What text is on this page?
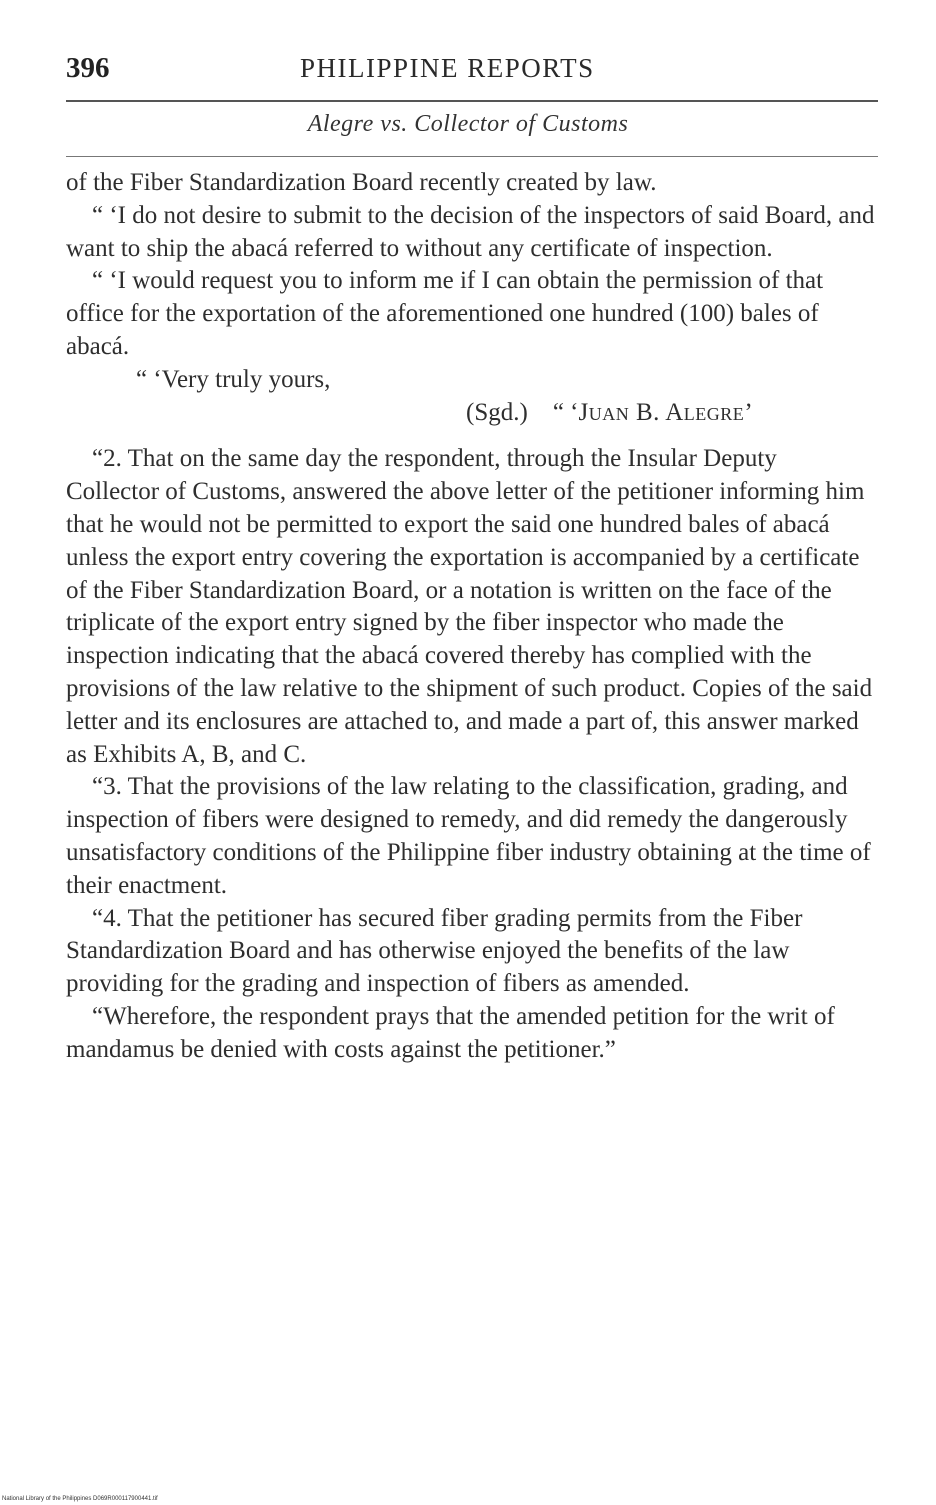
396	PHILIPPINE REPORTS
Alegre vs. Collector of Customs

of the Fiber Standardization Board recently created by law.

“ ‘I do not desire to submit to the decision of the inspectors of said Board, and want to ship the abacá referred to without any certificate of inspection.

“ ‘I would request you to inform me if I can obtain the permission of that office for the exportation of the aforementioned one hundred (100) bales of abacá.

“ ‘Very truly yours,

(Sgd.) “ ‘Juan B. Alegre’

“2. That on the same day the respondent, through the Insular Deputy Collector of Customs, answered the above letter of the petitioner informing him that he would not be permitted to export the said one hundred bales of abacá unless the export entry covering the exportation is accompanied by a certificate of the Fiber Standardization Board, or a notation is written on the face of the triplicate of the export entry signed by the fiber inspector who made the inspection indicating that the abacá covered thereby has complied with the provisions of the law relative to the shipment of such product. Copies of the said letter and its enclosures are attached to, and made a part of, this answer marked as Exhibits A, B, and C.

“3. That the provisions of the law relating to the classification, grading, and inspection of fibers were designed to remedy, and did remedy the dangerously unsatisfactory conditions of the Philippine fiber industry obtaining at the time of their enactment.

“4. That the petitioner has secured fiber grading permits from the Fiber Standardization Board and has otherwise enjoyed the benefits of the law providing for the grading and inspection of fibers as amended.

“Wherefore, the respondent prays that the amended petition for the writ of mandamus be denied with costs against the petitioner.”

National Library of the Philippines D069R000117900441.tif
